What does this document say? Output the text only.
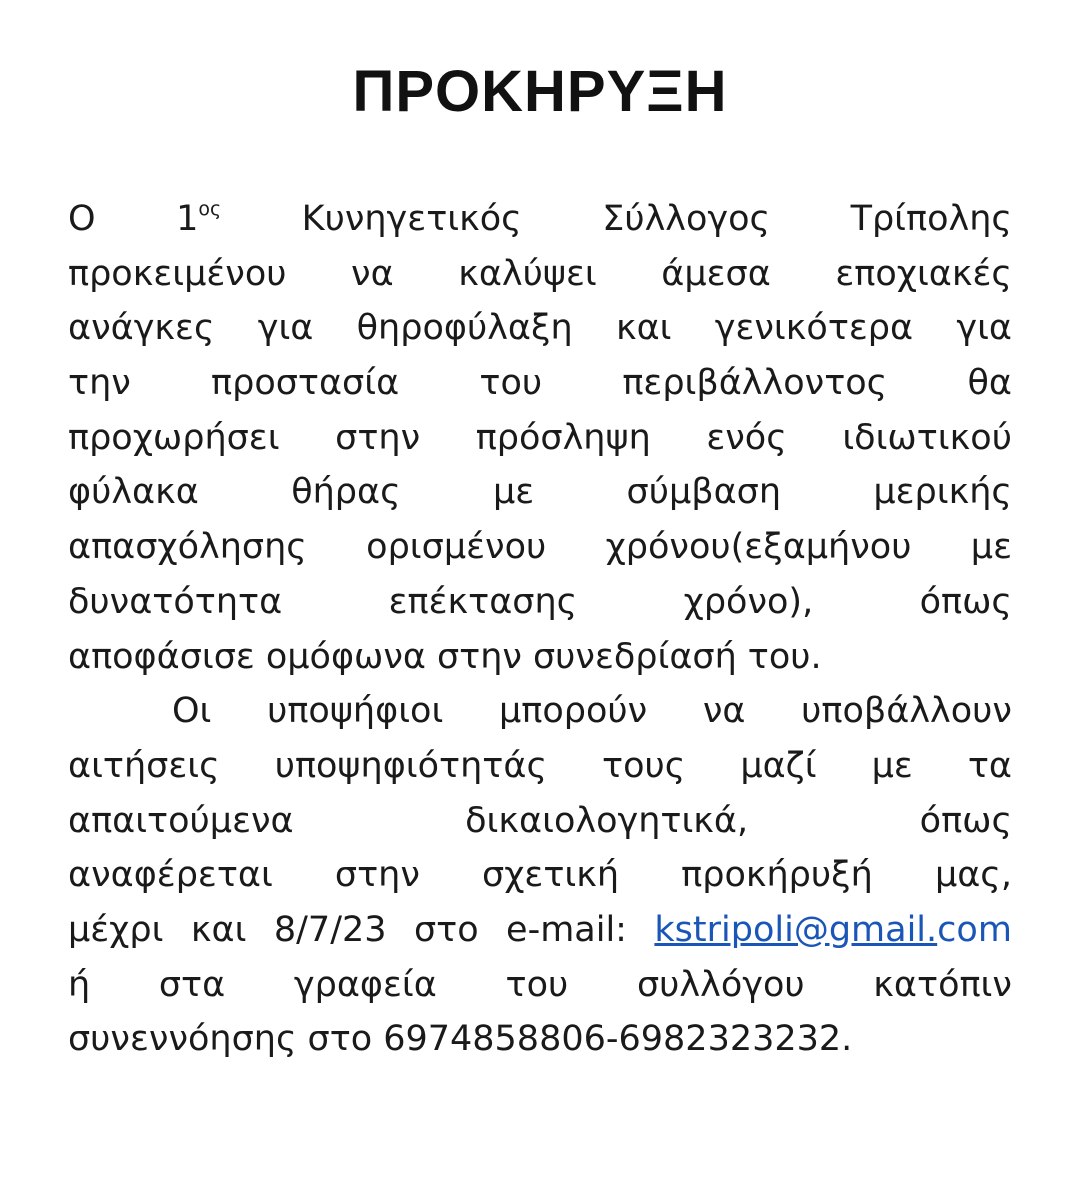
ΠΡΟΚΗΡΥΞΗ
Ο $1^{o\varsigma}$ Κυνηγετικός Σύλλογος Τρίπολης
προκειμένου να καλύψει άμεσα εποχιακές
ανάγκες για θηροφύλαξη και γενικότερα για
την προστασία του περιβάλλοντος θα
προχωρήσει στην πρόσληψη ενός ιδιωτικού
φύλακα	θήρας	με	σύμβαση	μερικής
απασχόλησης ορισμένου χρόνου(εξαμήνου με
δυνατότητα	επέκτασης	χρόνο),	όπως
αποφάσισε ομόφωνα στην συνεδρίασή του.
Οι υποψήφιοι μπορούν να υποβάλλουν
αιτήσεις υποψηφιότητάς τους μαζί με τα
απαιτούμενα	δικαιολογητικά,	όπως
αναφέρεται στην σχετική προκήρυξή μας,
μέχρι και 8/7/23 στο e-mail: kstripoli@gmail.com
ή στα γραφεία του συλλόγου κατόπιν
συνεννόησης στο 6974858806-6982323232.
